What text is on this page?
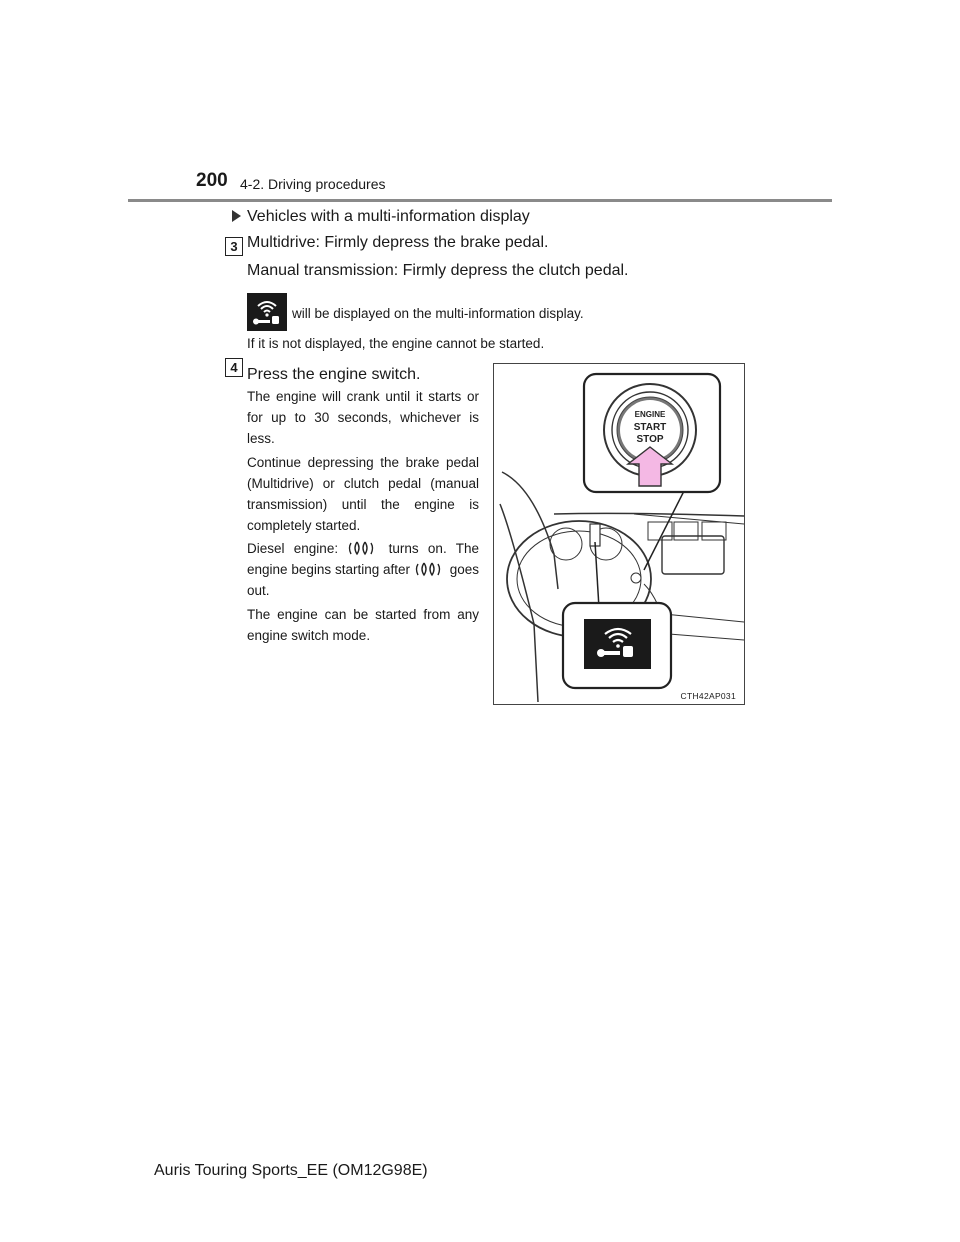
200 4-2. Driving procedures
Vehicles with a multi-information display
3 Multidrive: Firmly depress the brake pedal.
Manual transmission: Firmly depress the clutch pedal.
will be displayed on the multi-information display.
If it is not displayed, the engine cannot be started.
4 Press the engine switch.
The engine will crank until it starts or for up to 30 seconds, whichever is less.
Continue depressing the brake pedal (Multidrive) or clutch pedal (manual transmission) until the engine is completely started.
Diesel engine:	turns on. The engine begins starting after	goes out.
The engine can be started from any engine switch mode.
ENGINE
START
STOP
CTH42AP031
Auris Touring Sports_EE (OM12G98E)
